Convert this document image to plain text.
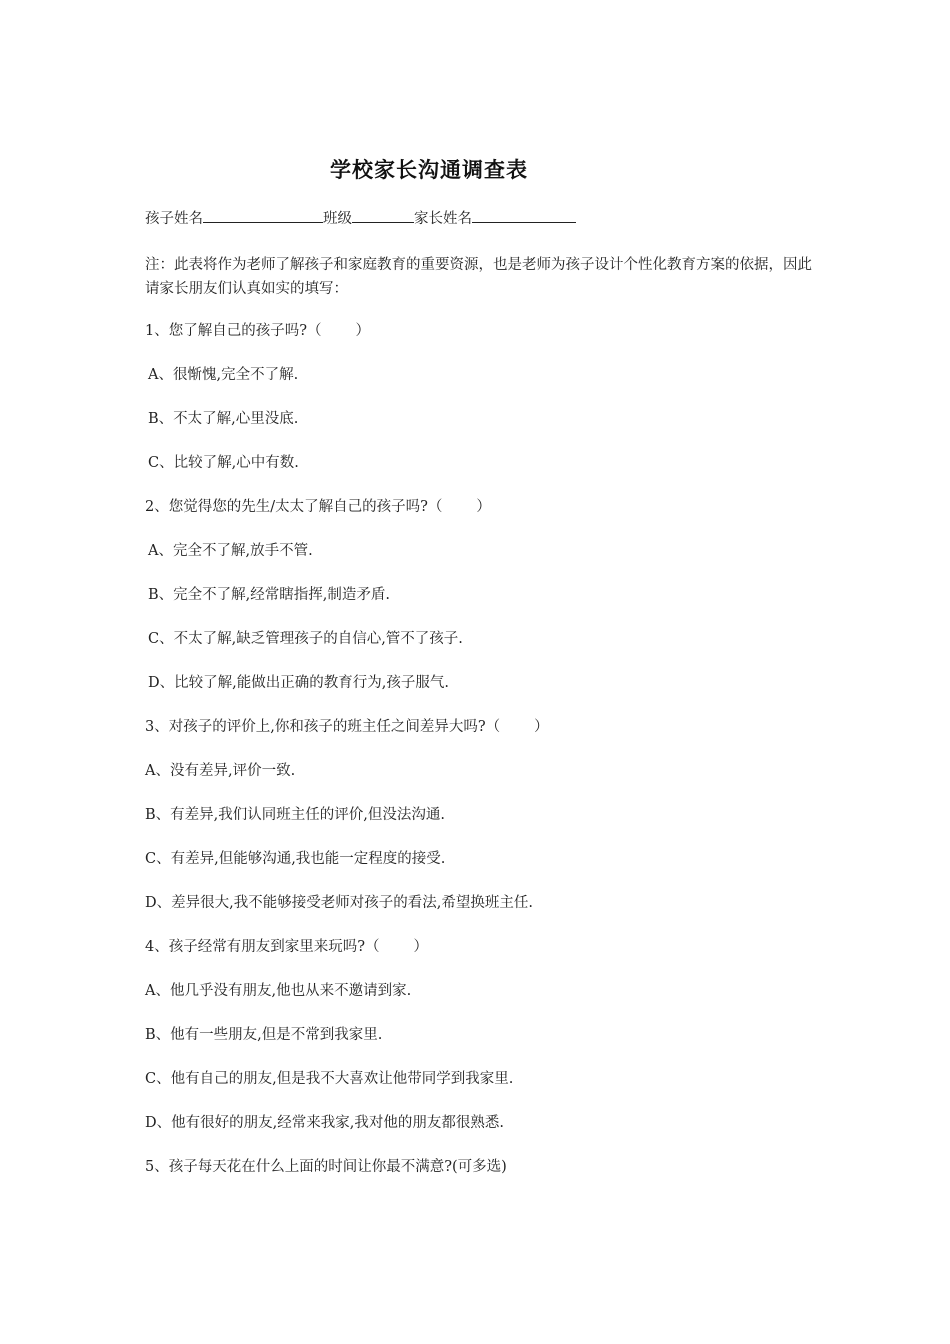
学校家长沟通调查表
孩子姓名	班级	家长姓名
注：此表将作为老师了解孩子和家庭教育的重要资源，也是老师为孩子设计个性化教育方案的依据，因此请家长朋友们认真如实的填写：
1、您了解自己的孩子吗?（ ）
A、很惭愧,完全不了解.
B、不太了解,心里没底.
C、比较了解,心中有数.
2、您觉得您的先生/太太了解自己的孩子吗?（ ）
A、完全不了解,放手不管.
B、完全不了解,经常瞎指挥,制造矛盾.
C、不太了解,缺乏管理孩子的自信心,管不了孩子.
D、比较了解,能做出正确的教育行为,孩子服气.
3、对孩子的评价上,你和孩子的班主任之间差异大吗?（ ）
A、没有差异,评价一致.
B、有差异,我们认同班主任的评价,但没法沟通.
C、有差异,但能够沟通,我也能一定程度的接受.
D、差异很大,我不能够接受老师对孩子的看法,希望换班主任.
4、孩子经常有朋友到家里来玩吗?（ ）
A、他几乎没有朋友,他也从来不邀请到家.
B、他有一些朋友,但是不常到我家里.
C、他有自己的朋友,但是我不大喜欢让他带同学到我家里.
D、他有很好的朋友,经常来我家,我对他的朋友都很熟悉.
5、孩子每天花在什么上面的时间让你最不满意?(可多选)
